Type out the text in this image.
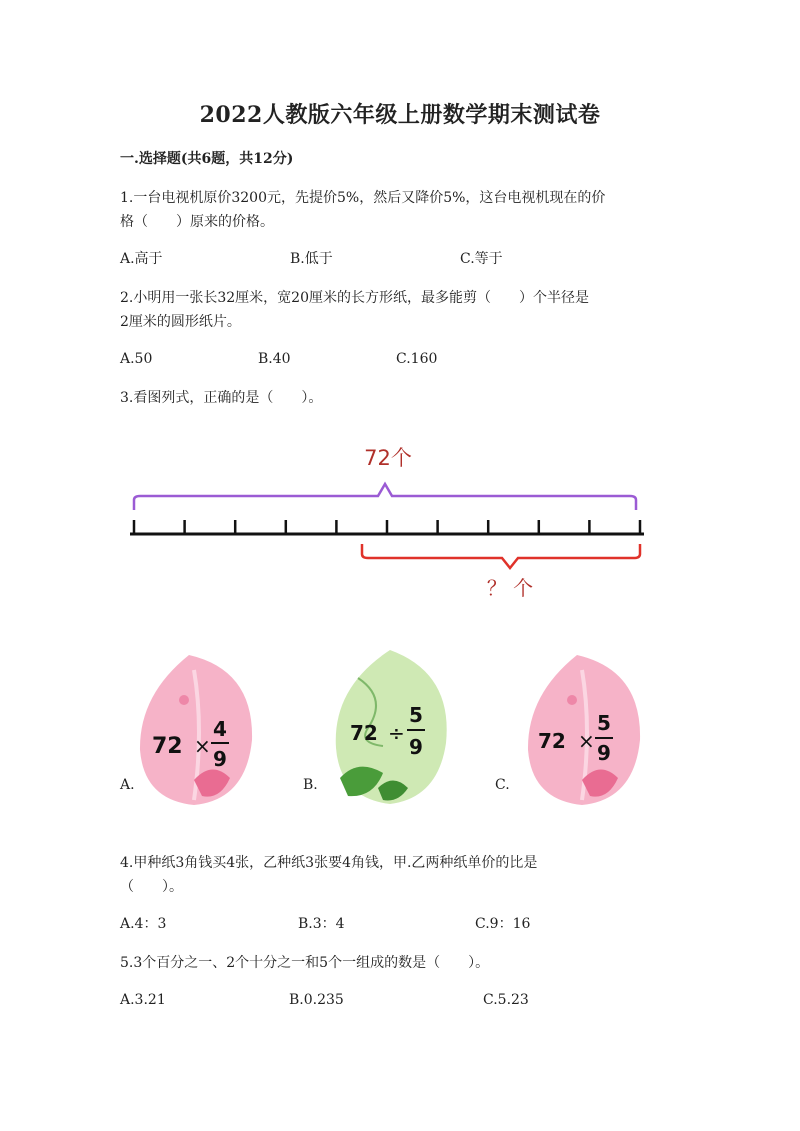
2022人教版六年级上册数学期末测试卷
一.选择题(共6题，共12分)
1.一台电视机原价3200元，先提价5%，然后又降价5%，这台电视机现在的价
格（　　）原来的价格。
A.高于	B.低于	C.等于
2.小明用一张长32厘米，宽20厘米的长方形纸，最多能剪（　　）个半径是
2厘米的圆形纸片。
A.50	B.40	C.160
3.看图列式，正确的是（　　）。
72个
？ 个
A.	B.	C.
72 ×
4
9
72 ÷
5
9	72 ×
5
9
4.甲种纸3角钱买4张，乙种纸3张要4角钱，甲.乙两种纸单价的比是
（　　）。
A.4：3	B.3：4	C.9：16
5.3个百分之一、2个十分之一和5个一组成的数是（　　）。
A.3.21	B.0.235	C.5.23
